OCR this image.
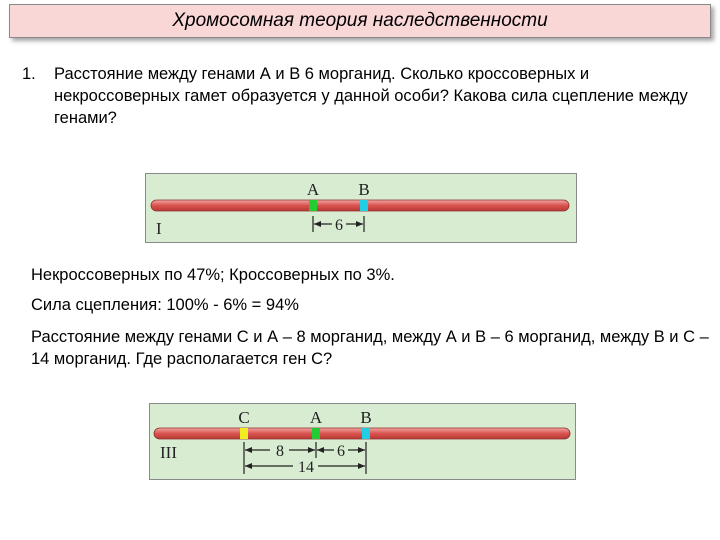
Хромосомная теория наследственности
1. Расстояние между генами А и В 6 морганид. Сколько кроссоверных и некроссоверных гамет образуется у данной особи? Какова сила сцепление между генами?
A B
6
I
Некроссоверных по 47%; Кроссоверных по 3%.
Сила сцепления: 100% - 6% = 94%
Расстояние между генами С и А – 8 морганид, между А и В – 6 морганид, между В и С – 14 морганид. Где располагается ген С?
C	A B
8	6
14
III
